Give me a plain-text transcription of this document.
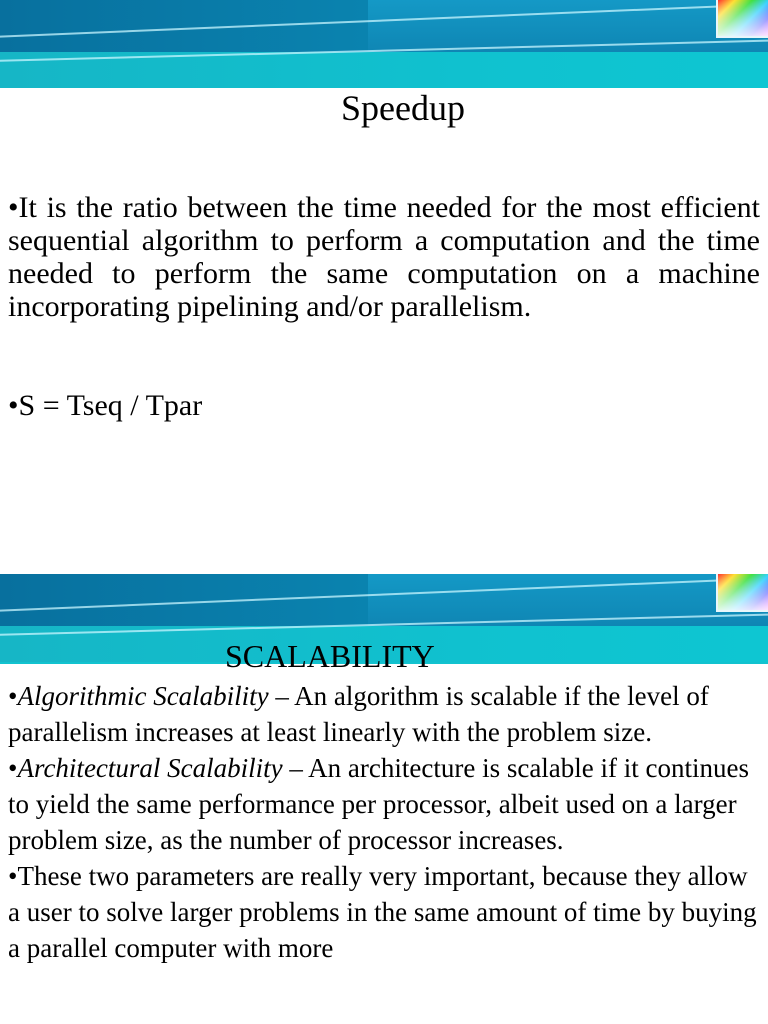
Speedup

•It is the ratio between the time needed for the most efficient sequential algorithm to perform a computation and the time needed to perform the same computation on a machine incorporating pipelining and/or parallelism.

•S = Tseq / Tpar
SCALABILITY

•Algorithmic Scalability – An algorithm is scalable if the level of parallelism increases at least linearly with the problem size.

•Architectural Scalability – An architecture is scalable if it continues to yield the same performance per processor, albeit used on a larger problem size, as the number of processor increases.

•These two parameters are really very important, because they allow a user to solve larger problems in the same amount of time by buying a parallel computer with more
